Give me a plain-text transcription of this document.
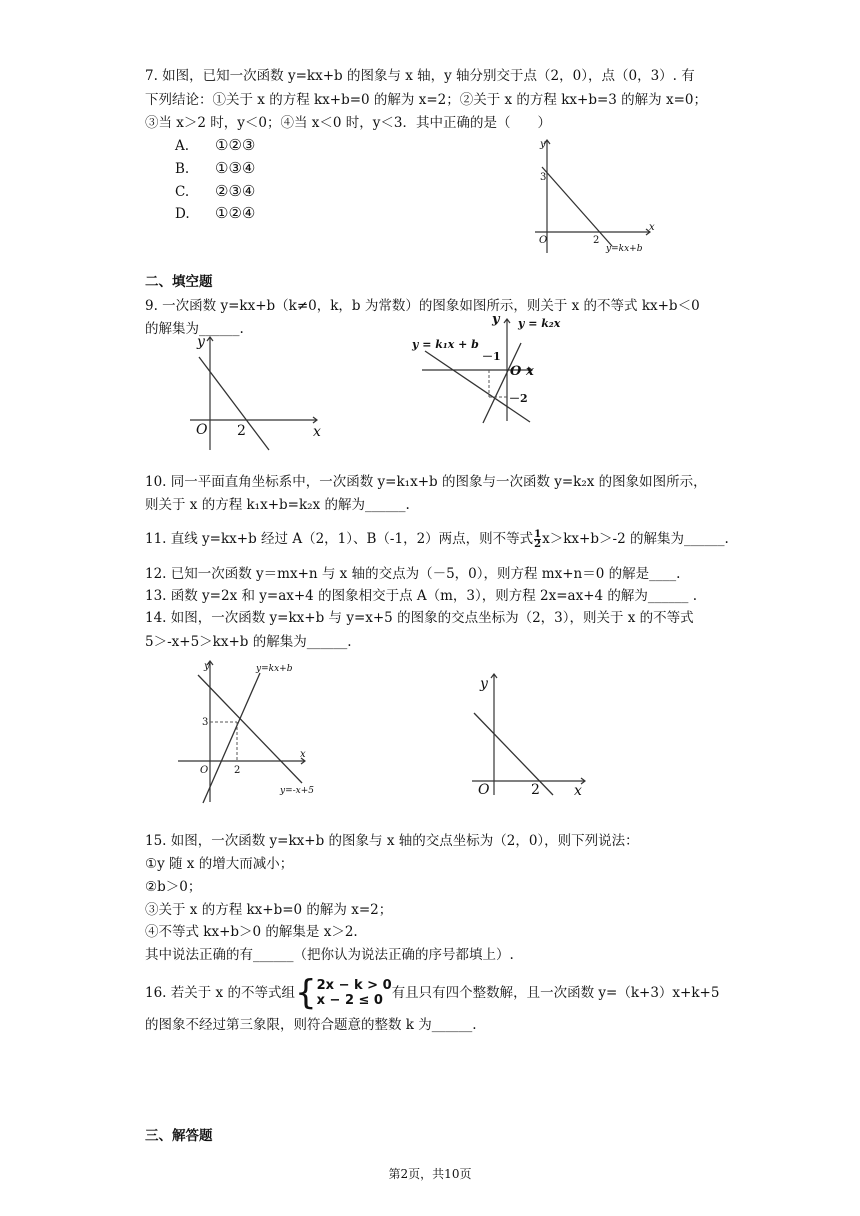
7. 如图，已知一次函数 y=kx+b 的图象与 x 轴，y 轴分别交于点（2，0），点（0，3）. 有
下列结论：①关于 x 的方程 kx+b=0 的解为 x=2；②关于 x 的方程 kx+b=3 的解为 x=0；
③当 x＞2 时，y＜0；④当 x＜0 时，y＜3．其中正确的是（　　）
A. ①②③
B. ①③④
C. ②③④
D. ①②④
y
x
O
3
2
y=kx+b
二、填空题
9. 一次函数 y=kx+b（k≠0，k，b 为常数）的图象如图所示，则关于 x 的不等式 kx+b＜0
的解集为______.
y
x
O 2
y = k₁x + b
y = k₂x
y
x
O
－1
－2
10. 同一平面直角坐标系中，一次函数 y=k₁x+b 的图象与一次函数 y=k₂x 的图象如图所示，
则关于 x 的方程 k₁x+b=k₂x 的解为______.
11. 直线 y=kx+b 经过 A（2，1）、B（-1，2）两点，则不等式 $\frac{1}{2} x>kx+b>-2$ 的解集为______.
12. 已知一次函数 y＝mx+n 与 x 轴的交点为（－5，0），则方程 mx+n＝0 的解是____.
13. 函数 y=2x 和 y=ax+4 的图象相交于点 A（m，3），则方程 2x=ax+4 的解为______ .
14. 如图，一次函数 y=kx+b 与 y=x+5 的图象的交点坐标为（2，3），则关于 x 的不等式
5＞-x+5＞kx+b 的解集为______.
y
x
O
3
2
y=kx+b
y=-x+5
y
x
O	2
15. 如图，一次函数 y=kx+b 的图象与 x 轴的交点坐标为（2，0），则下列说法：
①y 随 x 的增大而减小；
②b＞0；
③关于 x 的方程 kx+b=0 的解为 x=2；
④不等式 kx+b＞0 的解集是 x＞2.
其中说法正确的有______（把你认为说法正确的序号都填上）.
16. 若关于 x 的不等式组{ 2x − k > 0
x − 2 ≤ 0 有且只有四个整数解，且一次函数 y=（k+3）x+k+5
的图象不经过第三象限，则符合题意的整数 k 为______.
三、解答题
第2页，共10页
